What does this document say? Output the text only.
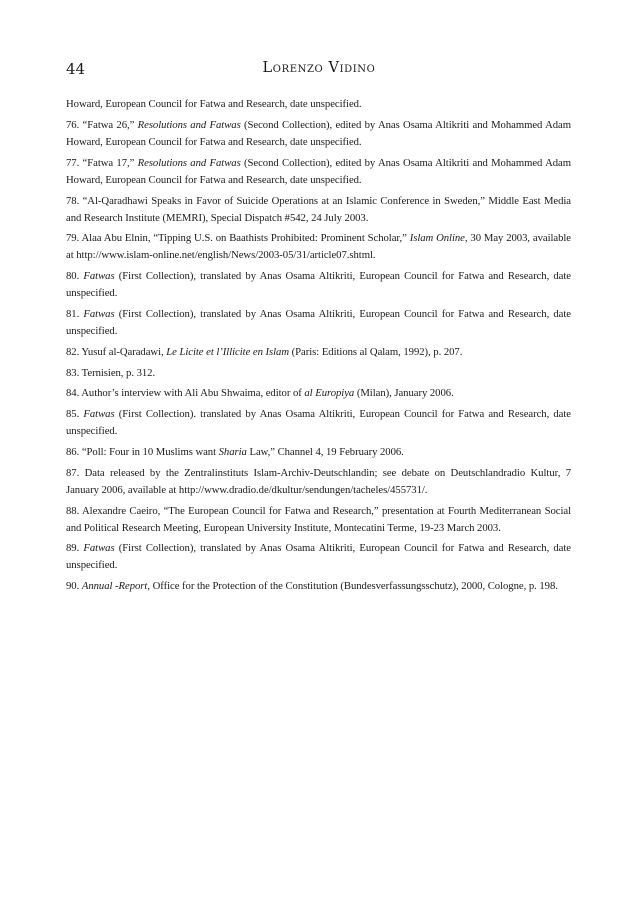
44	Lorenzo Vidino

Howard, European Council for Fatwa and Research, date unspecified.

76. “Fatwa 26,” Resolutions and Fatwas (Second Collection), edited by Anas Osama Altikriti and Mohammed Adam Howard, European Council for Fatwa and Research, date unspecified.

77. “Fatwa 17,” Resolutions and Fatwas (Second Collection), edited by Anas Osama Altikriti and Mohammed Adam Howard, European Council for Fatwa and Research, date unspecified.

78. “Al-Qaradhawi Speaks in Favor of Suicide Operations at an Islamic Conference in Sweden,” Middle East Media and Research Institute (MEMRI), Special Dispatch #542, 24 July 2003.

79. Alaa Abu Elnin, “Tipping U.S. on Baathists Prohibited: Prominent Scholar,” Islam Online, 30 May 2003, available at http://www.islam-online.net/english/News/2003-05/31/article07.shtml.

80. Fatwas (First Collection), translated by Anas Osama Altikriti, European Council for Fatwa and Research, date unspecified.

81. Fatwas (First Collection), translated by Anas Osama Altikriti, European Council for Fatwa and Research, date unspecified.

82. Yusuf al-Qaradawi, Le Licite et l’Illicite en Islam (Paris: Editions al Qalam, 1992), p. 207.

83. Ternisien, p. 312.

84. Author’s interview with Ali Abu Shwaima, editor of al Europiya (Milan), January 2006.

85. Fatwas (First Collection). translated by Anas Osama Altikriti, European Council for Fatwa and Research, date unspecified.

86. “Poll: Four in 10 Muslims want Sharia Law,” Channel 4, 19 February 2006.

87. Data released by the Zentralinstituts Islam-Archiv-Deutschlandin; see debate on Deutschlandradio Kultur, 7 January 2006, available at http://www.dradio.de/dkultur/sendungen/tacheles/455731/.

88. Alexandre Caeiro, “The European Council for Fatwa and Research,” presentation at Fourth Mediterranean Social and Political Research Meeting, European University Institute, Montecatini Terme, 19-23 March 2003.

89. Fatwas (First Collection), translated by Anas Osama Altikriti, European Council for Fatwa and Research, date unspecified.

90. Annual -Report, Office for the Protection of the Constitution (Bundesverfassungsschutz), 2000, Cologne, p. 198.
